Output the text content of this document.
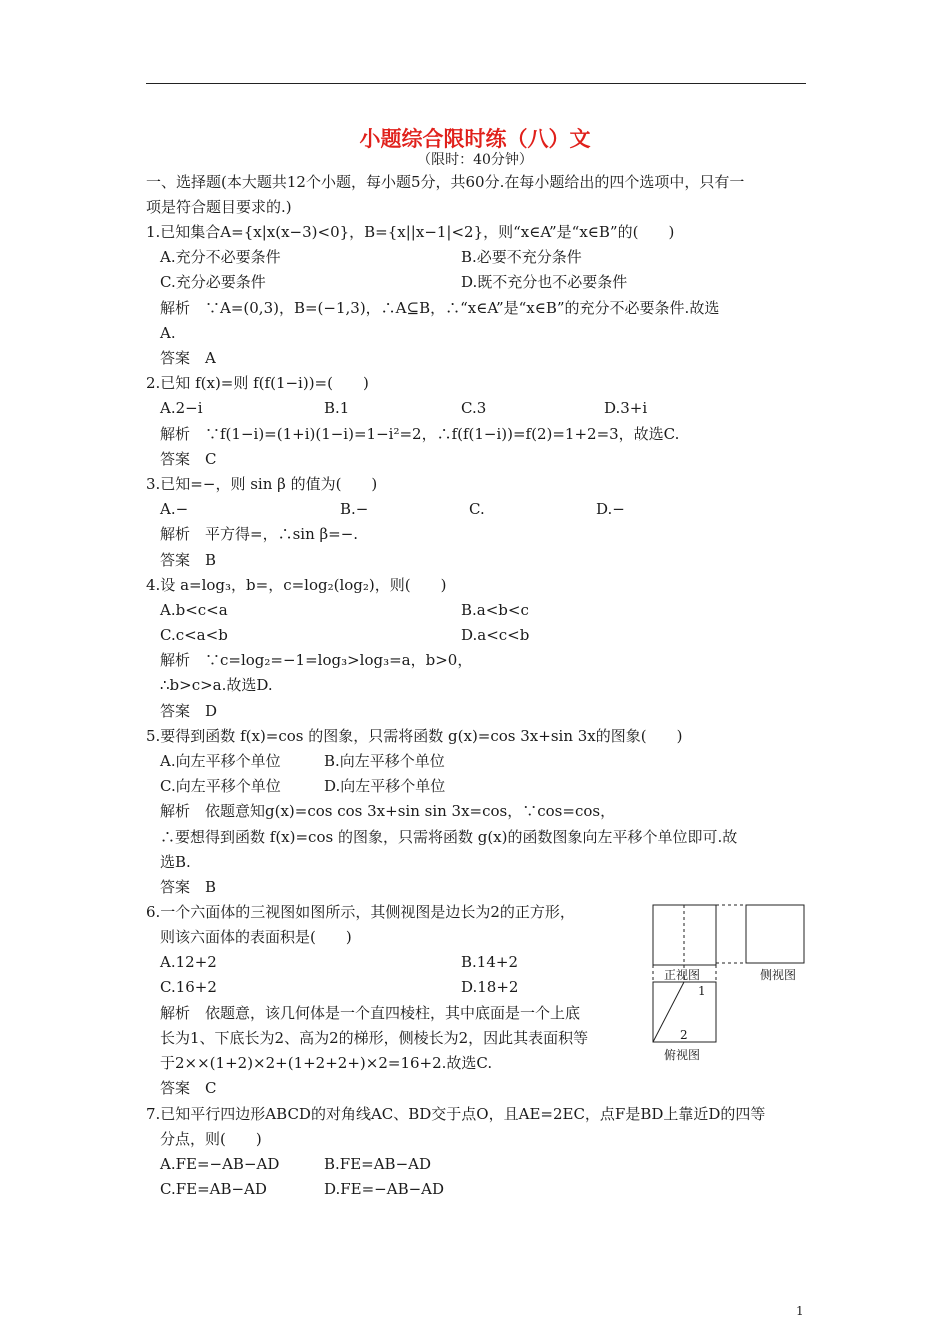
小题综合限时练（八）文
（限时：40分钟）
一、选择题(本大题共12个小题，每小题5分，共60分.在每小题给出的四个选项中，只有一
项是符合题目要求的.)
1.已知集合A={x|x(x−3)<0}，B={x||x−1|<2}，则“x∈A”是“x∈B”的(　　)
A.充分不必要条件	B.必要不充分条件
C.充分必要条件	D.既不充分也不必要条件
解析　∵A=(0,3)，B=(−1,3)，∴A⊆B，∴“x∈A”是“x∈B”的充分不必要条件.故选
A.
答案　A
2.已知 f(x)=则 f(f(1−i))=(　　)
A.2−i	B.1	C.3	D.3+i
解析　∵f(1−i)=(1+i)(1−i)=1−i²=2，∴f(f(1−i))=f(2)=1+2=3，故选C.
答案　C
3.已知=−，则 sin β 的值为(　　)
A.−	B.−	C.	D.−
解析　平方得=，∴sin β=−.
答案　B
4.设 a=log₃，b=，c=log₂(log₂)，则(　　)
A.b<c<a	B.a<b<c
C.c<a<b	D.a<c<b
解析　∵c=log₂=−1=log₃>log₃=a，b>0，
∴b>c>a.故选D.
答案　D
5.要得到函数 f(x)=cos 的图象，只需将函数 g(x)=cos 3x+sin 3x的图象(　　)
A.向左平移个单位	B.向左平移个单位
C.向左平移个单位	D.向左平移个单位
解析　依题意知g(x)=cos cos 3x+sin sin 3x=cos，∵cos=cos，
∴要想得到函数 f(x)=cos 的图象，只需将函数 g(x)的函数图象向左平移个单位即可.故
选B.
答案　B
6.一个六面体的三视图如图所示，其侧视图是边长为2的正方形，
则该六面体的表面积是(　　)
A.12+2	B.14+2
C.16+2	D.18+2
解析　依题意，该几何体是一个直四棱柱，其中底面是一个上底
长为1、下底长为2、高为2的梯形，侧棱长为2，因此其表面积等
于2××(1+2)×2+(1+2+2+)×2=16+2.故选C.
答案　C
7.已知平行四边形ABCD的对角线AC、BD交于点O，且AE=2EC，点F是BD上靠近D的四等
分点，则(　　)
A.FE=−AB−AD	B.FE=AB−AD
C.FE=AB−AD	D.FE=−AB−AD
正视图	侧视图
1
2
俯视图
1
